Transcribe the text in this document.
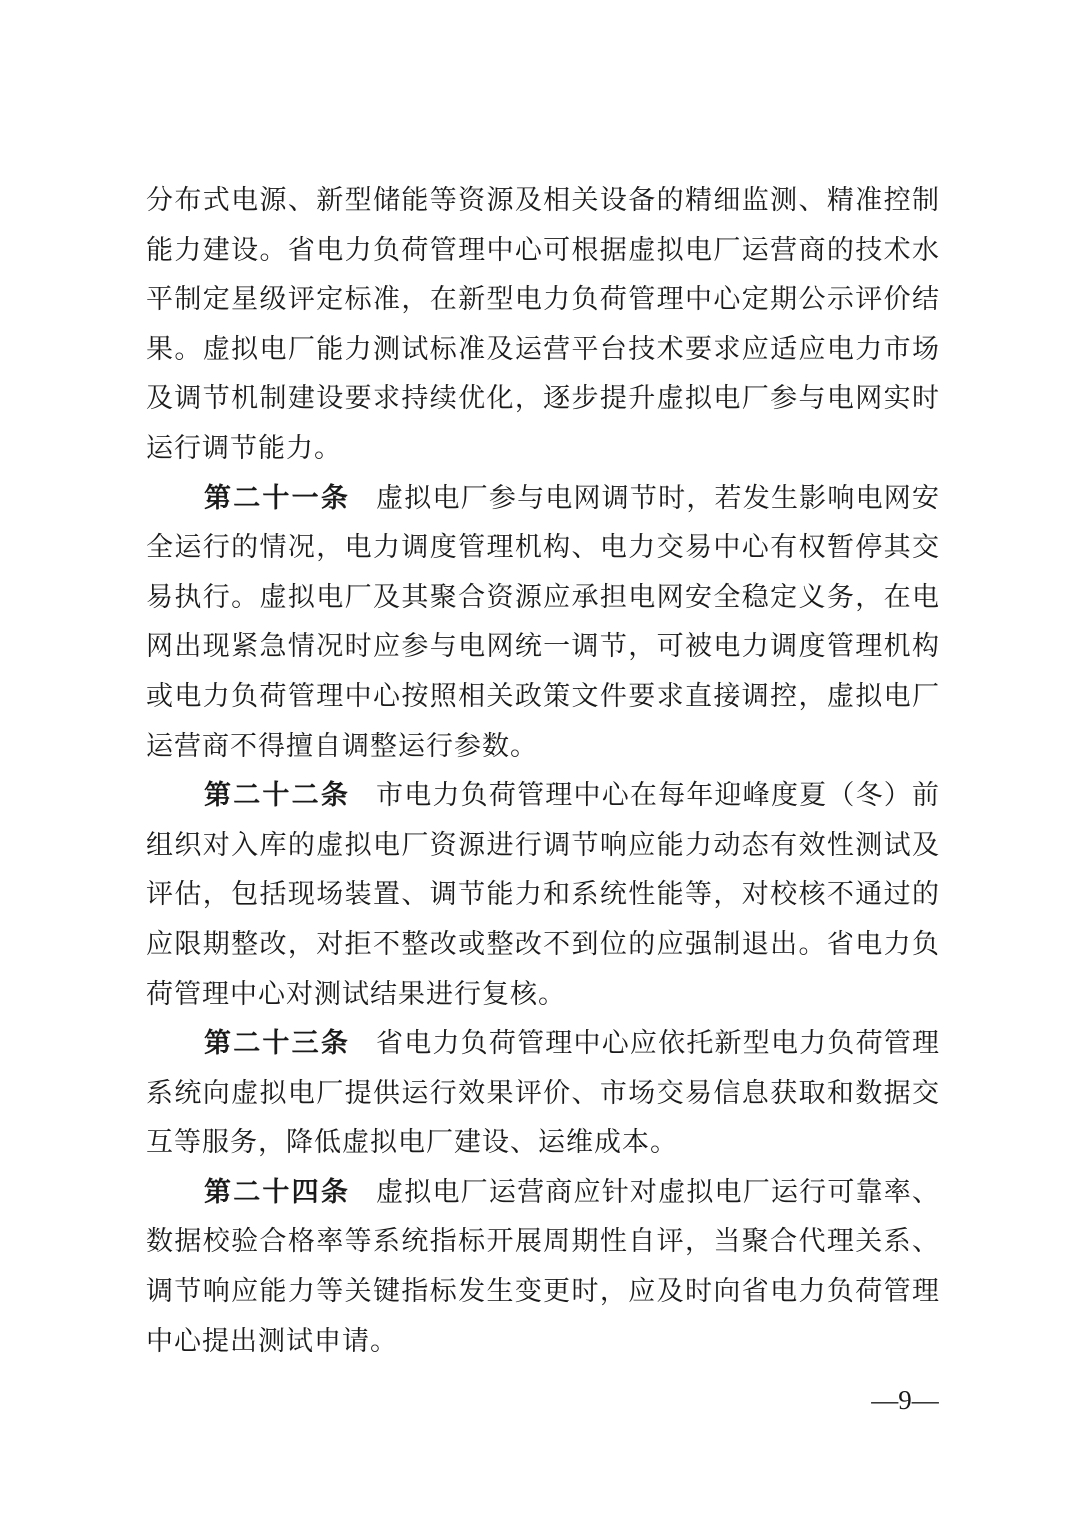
分布式电源、新型储能等资源及相关设备的精细监测、精准控制能力建设。省电力负荷管理中心可根据虚拟电厂运营商的技术水平制定星级评定标准，在新型电力负荷管理中心定期公示评价结果。虚拟电厂能力测试标准及运营平台技术要求应适应电力市场及调节机制建设要求持续优化，逐步提升虚拟电厂参与电网实时运行调节能力。

第二十一条 虚拟电厂参与电网调节时，若发生影响电网安全运行的情况，电力调度管理机构、电力交易中心有权暂停其交易执行。虚拟电厂及其聚合资源应承担电网安全稳定义务，在电网出现紧急情况时应参与电网统一调节，可被电力调度管理机构或电力负荷管理中心按照相关政策文件要求直接调控，虚拟电厂运营商不得擅自调整运行参数。

第二十二条 市电力负荷管理中心在每年迎峰度夏（冬）前组织对入库的虚拟电厂资源进行调节响应能力动态有效性测试及评估，包括现场装置、调节能力和系统性能等，对校核不通过的应限期整改，对拒不整改或整改不到位的应强制退出。省电力负荷管理中心对测试结果进行复核。

第二十三条 省电力负荷管理中心应依托新型电力负荷管理系统向虚拟电厂提供运行效果评价、市场交易信息获取和数据交互等服务，降低虚拟电厂建设、运维成本。

第二十四条 虚拟电厂运营商应针对虚拟电厂运行可靠率、数据校验合格率等系统指标开展周期性自评，当聚合代理关系、调节响应能力等关键指标发生变更时，应及时向省电力负荷管理中心提出测试申请。

—9—
